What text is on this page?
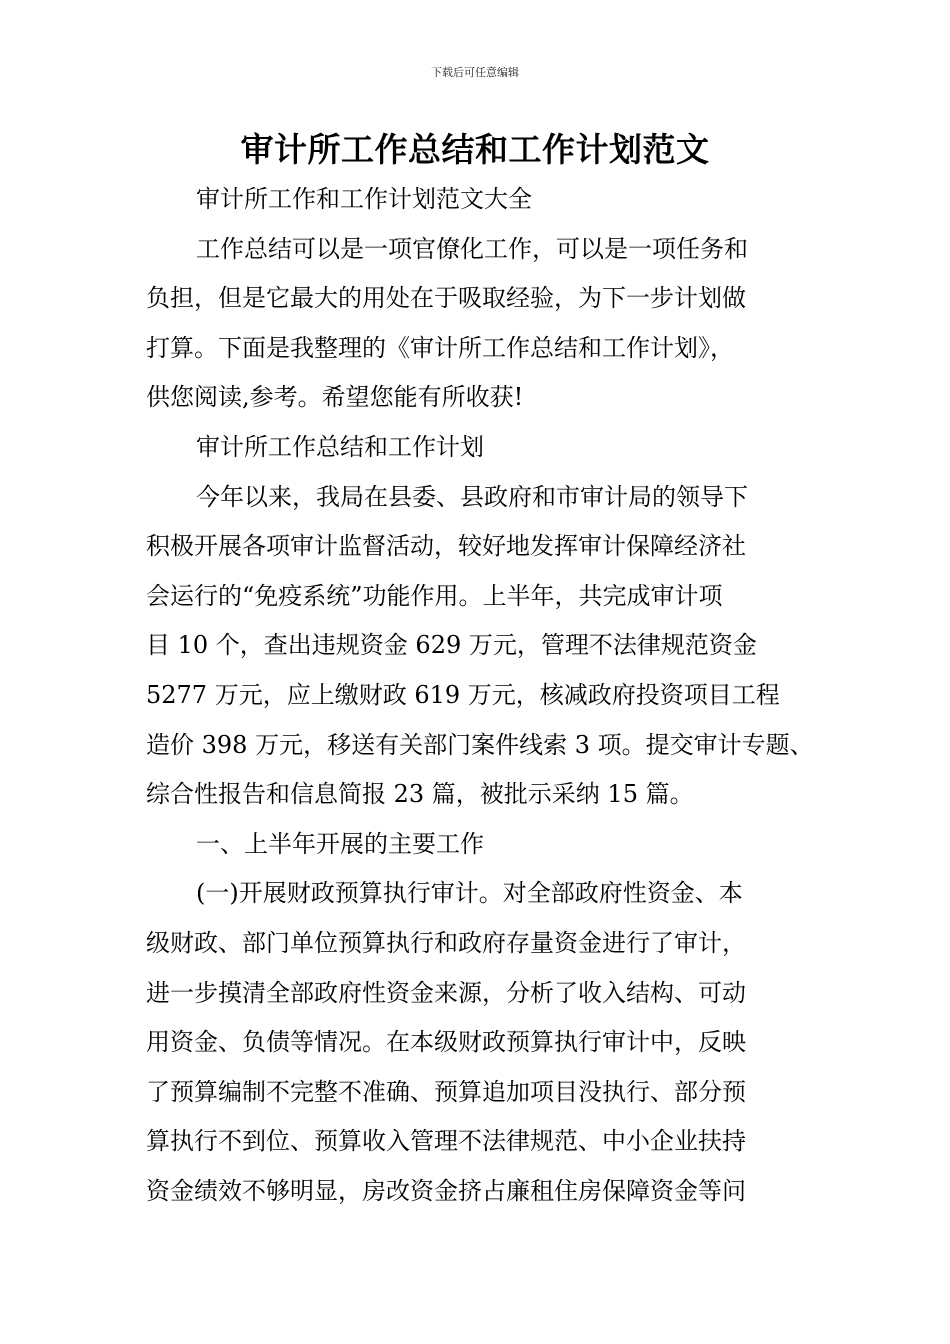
下载后可任意编辑
审计所工作总结和工作计划范文
审计所工作和工作计划范文大全
工作总结可以是一项官僚化工作，可以是一项任务和
负担，但是它最大的用处在于吸取经验，为下一步计划做
打算。下面是我整理的《审计所工作总结和工作计划》，
供您阅读,参考。希望您能有所收获!
审计所工作总结和工作计划
今年以来，我局在县委、县政府和市审计局的领导下
积极开展各项审计监督活动，较好地发挥审计保障经济社
会运行的“免疫系统”功能作用。上半年，共完成审计项
目 10 个，查出违规资金 629 万元，管理不法律规范资金
5277 万元，应上缴财政 619 万元，核减政府投资项目工程
造价 398 万元，移送有关部门案件线索 3 项。提交审计专题、
综合性报告和信息简报 23 篇，被批示采纳 15 篇。
一、上半年开展的主要工作
(一)开展财政预算执行审计。对全部政府性资金、本
级财政、部门单位预算执行和政府存量资金进行了审计，
进一步摸清全部政府性资金来源，分析了收入结构、可动
用资金、负债等情况。在本级财政预算执行审计中，反映
了预算编制不完整不准确、预算追加项目没执行、部分预
算执行不到位、预算收入管理不法律规范、中小企业扶持
资金绩效不够明显，房改资金挤占廉租住房保障资金等问
